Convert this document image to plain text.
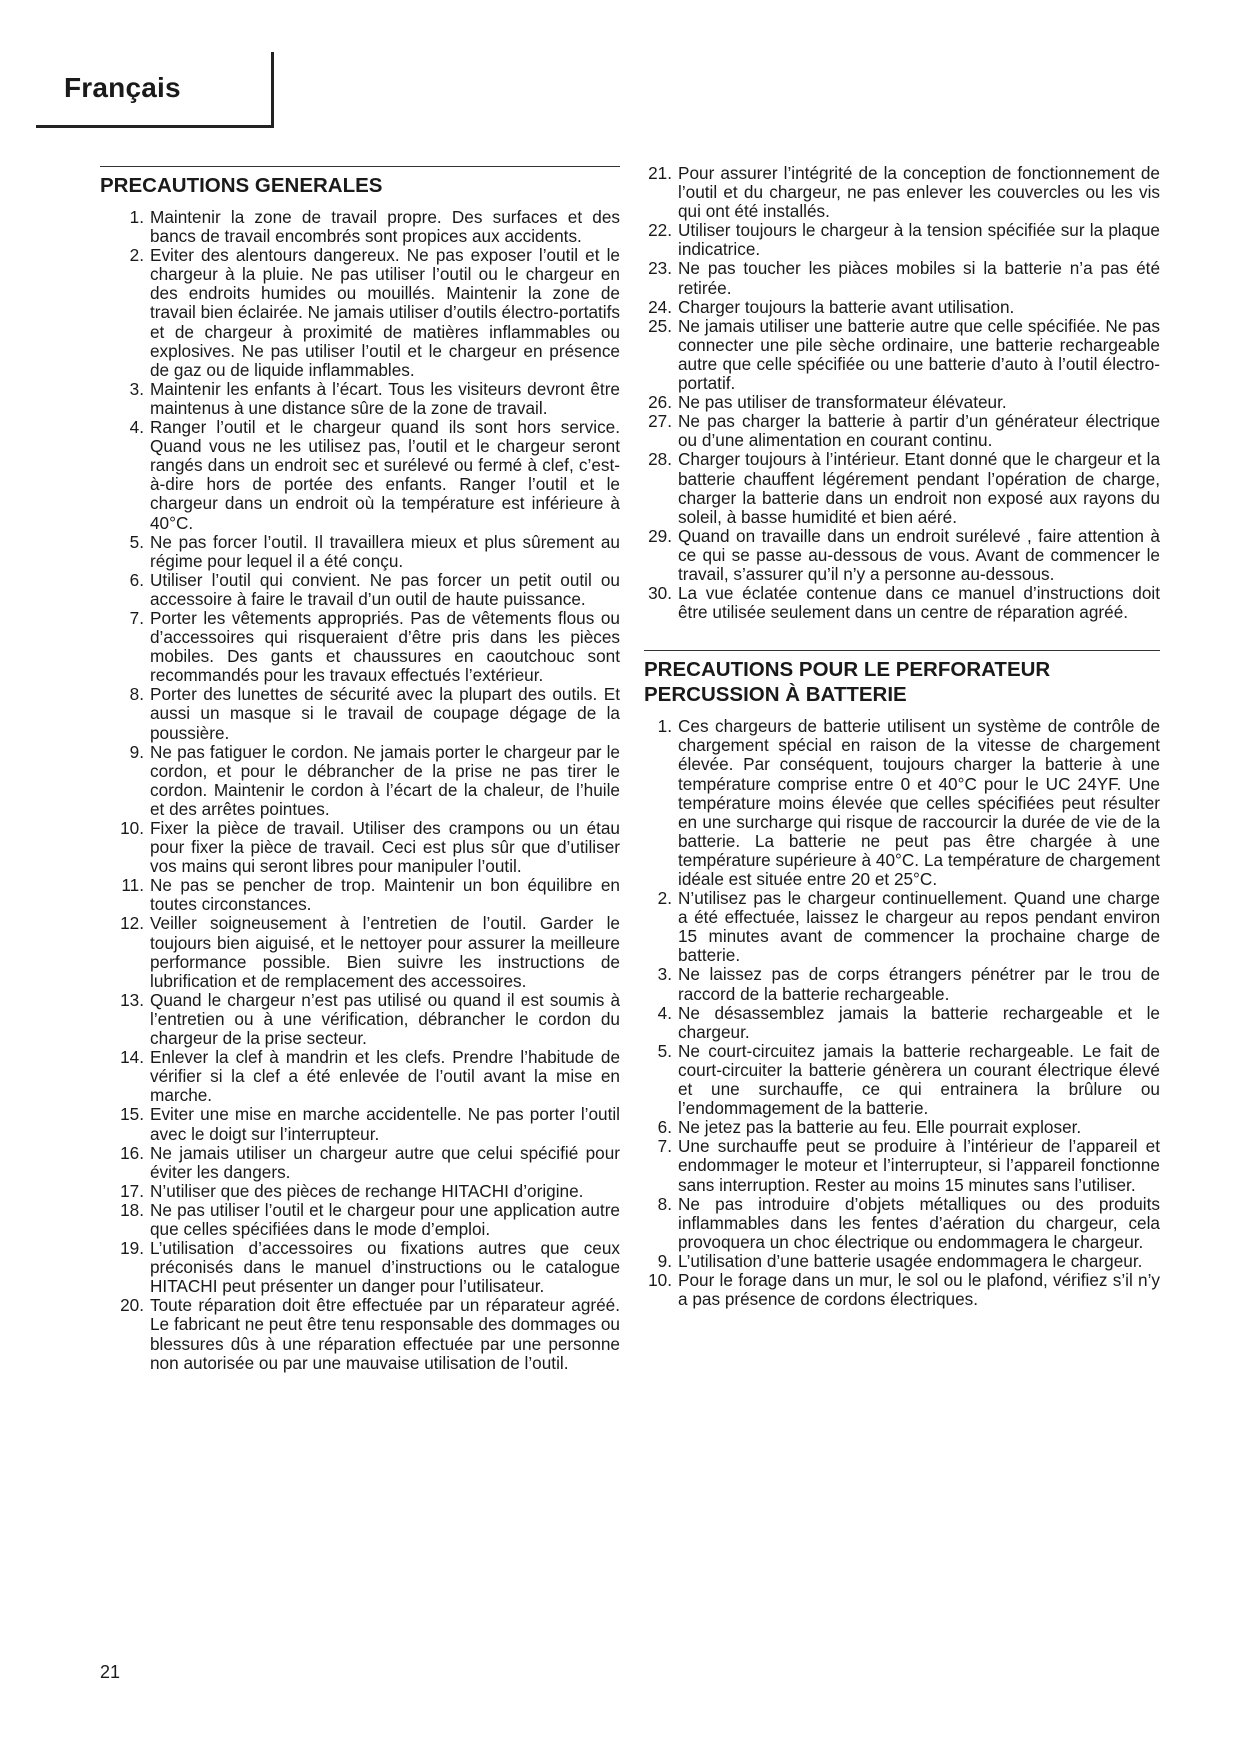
Français
PRECAUTIONS GENERALES
1. Maintenir la zone de travail propre. Des surfaces et des bancs de travail encombrés sont propices aux accidents.
2. Eviter des alentours dangereux. Ne pas exposer l’outil et le chargeur à la pluie. Ne pas utiliser l’outil ou le chargeur en des endroits humides ou mouillés. Maintenir la zone de travail bien éclairée. Ne jamais utiliser d’outils électro-portatifs et de chargeur à proximité de matières inflammables ou explosives. Ne pas utiliser l’outil et le chargeur en présence de gaz ou de liquide inflammables.
3. Maintenir les enfants à l’écart. Tous les visiteurs devront être maintenus à une distance sûre de la zone de travail.
4. Ranger l’outil et le chargeur quand ils sont hors service. Quand vous ne les utilisez pas, l’outil et le chargeur seront rangés dans un endroit sec et surélevé ou fermé à clef, c’est-à-dire hors de portée des enfants. Ranger l’outil et le chargeur dans un endroit où la température est inférieure à 40°C.
5. Ne pas forcer l’outil. Il travaillera mieux et plus sûrement au régime pour lequel il a été conçu.
6. Utiliser l’outil qui convient. Ne pas forcer un petit outil ou accessoire à faire le travail d’un outil de haute puissance.
7. Porter les vêtements appropriés. Pas de vêtements flous ou d’accessoires qui risqueraient d’être pris dans les pièces mobiles. Des gants et chaussures en caoutchouc sont recommandés pour les travaux effectués l’extérieur.
8. Porter des lunettes de sécurité avec la plupart des outils. Et aussi un masque si le travail de coupage dégage de la poussière.
9. Ne pas fatiguer le cordon. Ne jamais porter le chargeur par le cordon, et pour le débrancher de la prise ne pas tirer le cordon. Maintenir le cordon à l’écart de la chaleur, de l’huile et des arrêtes pointues.
10. Fixer la pièce de travail. Utiliser des crampons ou un étau pour fixer la pièce de travail. Ceci est plus sûr que d’utiliser vos mains qui seront libres pour manipuler l’outil.
11. Ne pas se pencher de trop. Maintenir un bon équilibre en toutes circonstances.
12. Veiller soigneusement à l’entretien de l’outil. Garder le toujours bien aiguisé, et le nettoyer pour assurer la meilleure performance possible. Bien suivre les instructions de lubrification et de remplacement des accessoires.
13. Quand le chargeur n’est pas utilisé ou quand il est soumis à l’entretien ou à une vérification, débrancher le cordon du chargeur de la prise secteur.
14. Enlever la clef à mandrin et les clefs. Prendre l’habitude de vérifier si la clef a été enlevée de l’outil avant la mise en marche.
15. Eviter une mise en marche accidentelle. Ne pas porter l’outil avec le doigt sur l’interrupteur.
16. Ne jamais utiliser un chargeur autre que celui spécifié pour éviter les dangers.
17. N’utiliser que des pièces de rechange HITACHI d’origine.
18. Ne pas utiliser l’outil et le chargeur pour une application autre que celles spécifiées dans le mode d’emploi.
19. L’utilisation d’accessoires ou fixations autres que ceux préconisés dans le manuel d’instructions ou le catalogue HITACHI peut présenter un danger pour l’utilisateur.
20. Toute réparation doit être effectuée par un réparateur agréé. Le fabricant ne peut être tenu responsable des dommages ou blessures dûs à une réparation effectuée par une personne non autorisée ou par une mauvaise utilisation de l’outil.
21. Pour assurer l’intégrité de la conception de fonctionnement de l’outil et du chargeur, ne pas enlever les couvercles ou les vis qui ont été installés.
22. Utiliser toujours le chargeur à la tension spécifiée sur la plaque indicatrice.
23. Ne pas toucher les piàces mobiles si la batterie n’a pas été retirée.
24. Charger toujours la batterie avant utilisation.
25. Ne jamais utiliser une batterie autre que celle spécifiée. Ne pas connecter une pile sèche ordinaire, une batterie rechargeable autre que celle spécifiée ou une batterie d’auto à l’outil électro- portatif.
26. Ne pas utiliser de transformateur élévateur.
27. Ne pas charger la batterie à partir d’un générateur électrique ou d’une alimentation en courant continu.
28. Charger toujours à l’intérieur. Etant donné que le chargeur et la batterie chauffent légérement pendant l’opération de charge, charger la batterie dans un endroit non exposé aux rayons du soleil, à basse humidité et bien aéré.
29. Quand on travaille dans un endroit surélevé , faire attention à ce qui se passe au-dessous de vous. Avant de commencer le travail, s’assurer qu’il n’y a personne au-dessous.
30. La vue éclatée contenue dans ce manuel d’instructions doit être utilisée seulement dans un centre de réparation agréé.
PRECAUTIONS POUR LE PERFORATEUR
PERCUSSION À BATTERIE
1. Ces chargeurs de batterie utilisent un système de contrôle de chargement spécial en raison de la vitesse de chargement élevée. Par conséquent, toujours charger la batterie à une température comprise entre 0 et 40°C pour le UC 24YF. Une température moins élevée que celles spécifiées peut résulter en une surcharge qui risque de raccourcir la durée de vie de la batterie. La batterie ne peut pas être chargée à une température supérieure à 40°C. La température de chargement idéale est située entre 20 et 25°C.
2. N’utilisez pas le chargeur continuellement. Quand une charge a été effectuée, laissez le chargeur au repos pendant environ 15 minutes avant de commencer la prochaine charge de batterie.
3. Ne laissez pas de corps étrangers pénétrer par le trou de raccord de la batterie rechargeable.
4. Ne désassemblez jamais la batterie rechargeable et le chargeur.
5. Ne court-circuitez jamais la batterie rechargeable. Le fait de court-circuiter la batterie génèrera un courant électrique élevé et une surchauffe, ce qui entrainera la brûlure ou l’endommagement de la batterie.
6. Ne jetez pas la batterie au feu. Elle pourrait exploser.
7. Une surchauffe peut se produire à l’intérieur de l’appareil et endommager le moteur et l’interrupteur, si l’appareil fonctionne sans interruption. Rester au moins 15 minutes sans l’utiliser.
8. Ne pas introduire d’objets métalliques ou des produits inflammables dans les fentes d’aération du chargeur, cela provoquera un choc électrique ou endommagera le chargeur.
9. L’utilisation d’une batterie usagée endommagera le chargeur.
10. Pour le forage dans un mur, le sol ou le plafond, vérifiez s’il n’y a pas présence de cordons électriques.
21
